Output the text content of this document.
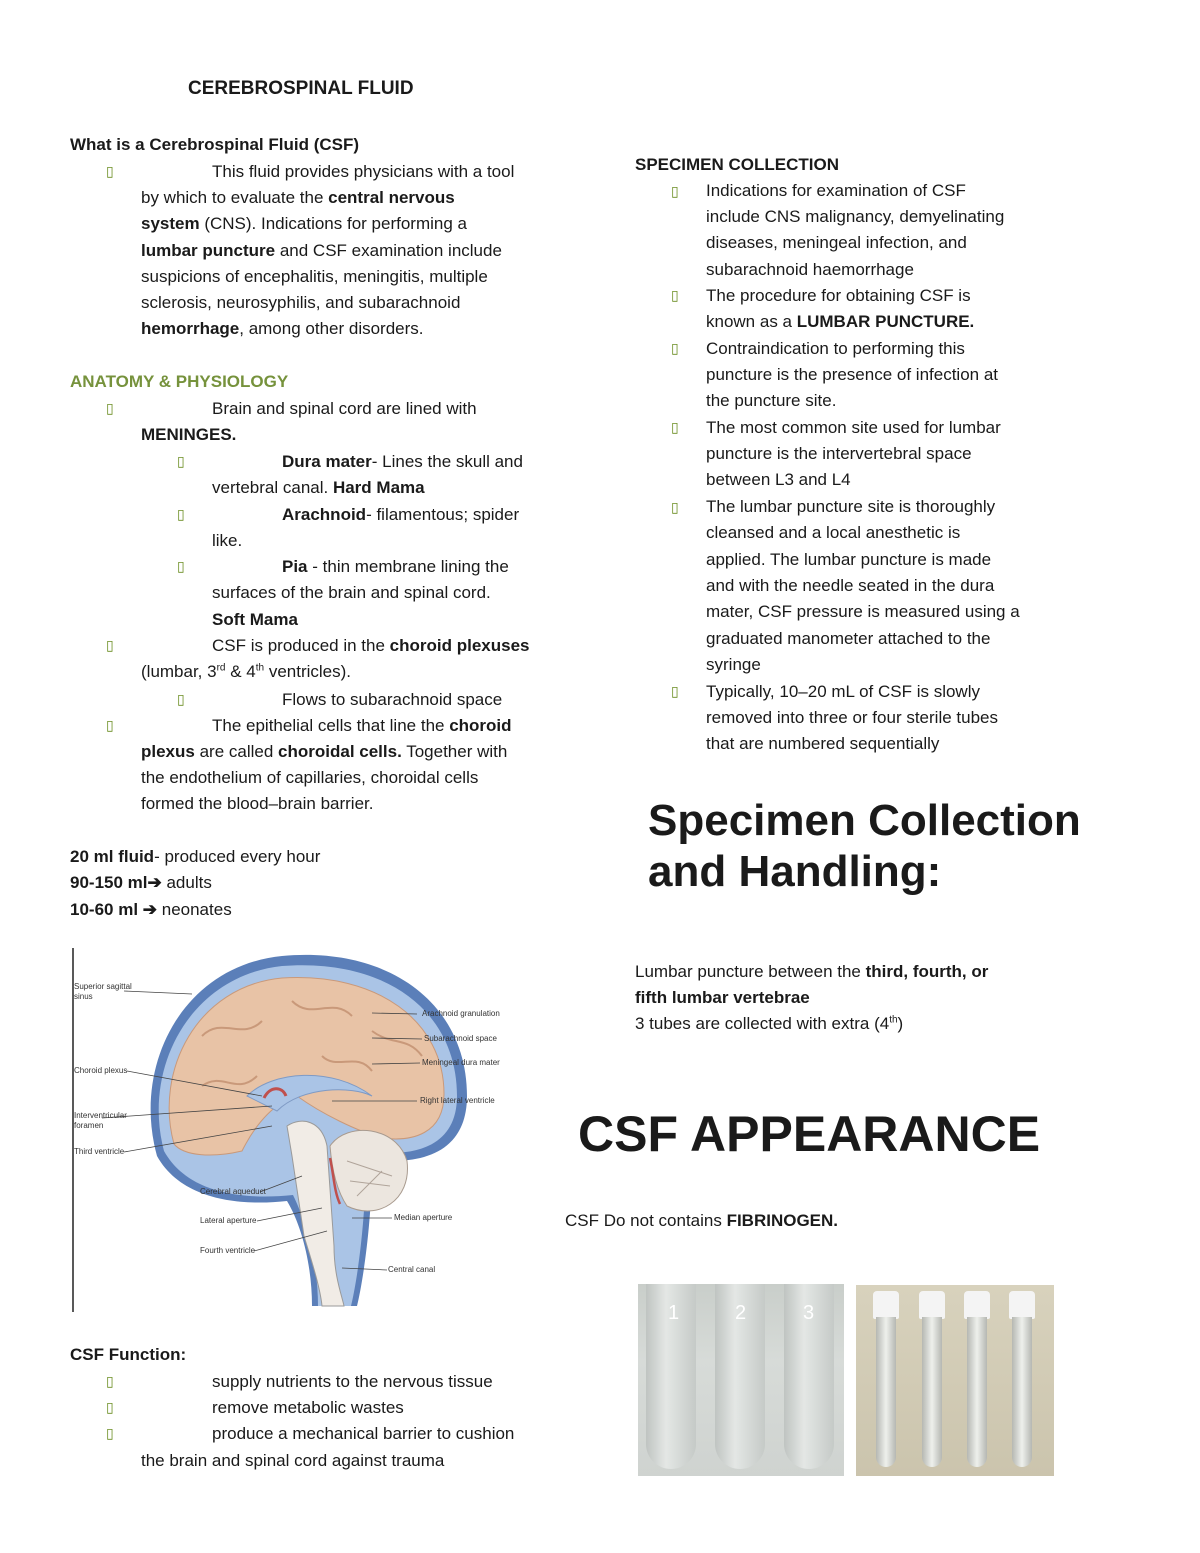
CEREBROSPINAL FLUID
What is a Cerebrospinal Fluid (CSF)
▯	This fluid provides physicians with a tool
by which to evaluate the central nervous
system (CNS). Indications for performing a
lumbar puncture and CSF examination include
suspicions of encephalitis, meningitis, multiple
sclerosis, neurosyphilis, and subarachnoid
hemorrhage, among other disorders.
ANATOMY & PHYSIOLOGY
▯	Brain and spinal cord are lined with
MENINGES.
▯	Dura mater- Lines the skull and
vertebral canal. Hard Mama
▯	Arachnoid- filamentous; spider
like.
▯	Pia - thin membrane lining the
surfaces of the brain and spinal cord.
Soft Mama
▯	CSF is produced in the choroid plexuses
(lumbar, 3rd & 4th ventricles).
▯	Flows to subarachnoid space
▯	The epithelial cells that line the choroid
plexus are called choroidal cells. Together with
the endothelium of capillaries, choroidal cells
formed the blood–brain barrier.
20 ml fluid- produced every hour
90-150 ml➔ adults
10-60 ml ➔ neonates
Superior sagittal
sinus
Choroid plexus
Interventricular
foramen
Third ventricle
Cerebral aqueduct
Lateral aperture
Fourth ventricle
Arachnoid granulation
Subarachnoid space
Meningeal dura mater
Right lateral ventricle
Median aperture
Central canal
CSF Function:
▯	supply nutrients to the nervous tissue
▯	remove metabolic wastes
▯	produce a mechanical barrier to cushion
the brain and spinal cord against trauma
SPECIMEN COLLECTION
▯ Indications for examination of CSF
include CNS malignancy, demyelinating
diseases, meningeal infection, and
subarachnoid haemorrhage
▯ The procedure for obtaining CSF is
known as a LUMBAR PUNCTURE.
▯ Contraindication to performing this
puncture is the presence of infection at
the puncture site.
▯ The most common site used for lumbar
puncture is the intervertebral space
between L3 and L4
▯ The lumbar puncture site is thoroughly
cleansed and a local anesthetic is
applied. The lumbar puncture is made
and with the needle seated in the dura
mater, CSF pressure is measured using a
graduated manometer attached to the
syringe
▯ Typically, 10–20 mL of CSF is slowly
removed into three or four sterile tubes
that are numbered sequentially
Specimen Collection
and Handling:
Lumbar puncture between the third, fourth, or
fifth lumbar vertebrae
3 tubes are collected with extra (4th)
CSF APPEARANCE
CSF Do not contains FIBRINOGEN.
1	2	3
